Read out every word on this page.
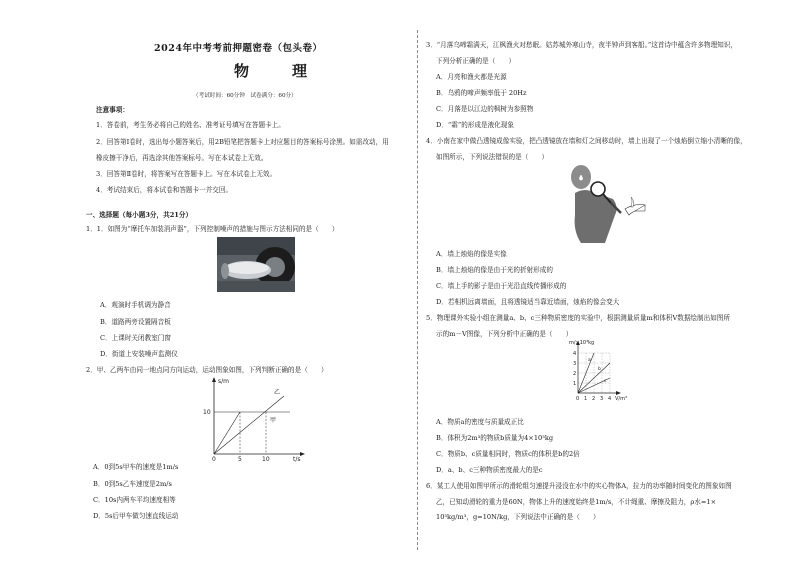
2024年中考考前押题密卷（包头卷）
物　理
（考试时间：60分钟　试卷满分：60分）
注意事项：
1．答卷前，考生务必将自己的姓名、准考证号填写在答题卡上。
2．回答第Ⅰ卷时，选出每小题答案后，用2B铅笔把答题卡上对应题目的答案标号涂黑。如需改动，用
橡皮擦干净后，再选涂其他答案标号。写在本试卷上无效。
3．回答第Ⅱ卷时，将答案写在答题卡上。写在本试卷上无效。
4．考试结束后，将本试卷和答题卡一并交回。
一、选择题（每小题3分，共21分）
1．1．如图为“摩托车加装消声器”，下列控制噪声的措施与图示方法相同的是（　　）
A．观演时手机调为静音
B．道路两旁设置隔音板
C．上课时关闭教室门窗
D．街道上安装噪声监测仪
2．甲、乙两车由同一地点同方向运动，运动图象如图，下列判断正确的是（　　）
s/m
10
0	5	10	t/s
乙
甲
A．0到5s甲车的速度是1m/s
B．0到5s乙车速度是2m/s
C．10s内两车平均速度相等
D．5s后甲车做匀速直线运动
3．“月落乌啼霜满天，江枫渔火对愁眠。姑苏城外寒山寺，夜半钟声到客船。”这首诗中蕴含许多物理知识，
下列分析正确的是（　　）
A．月亮和渔火都是光源
B．乌鸦的啼声频率低于 20Hz
C．月落是以江边的枫树为参照物
D．“霜”的形成是液化现象
4．小南在家中做凸透镜成像实验，把凸透镜放在墙和灯之间移动时，墙上出现了一个烛焰倒立缩小清晰的像，
如图所示，下列说法错误的是（　　）
A．墙上烛焰的像是实像
B．墙上烛焰的像是由于光的折射形成的
C．墙上手的影子是由于光沿直线传播形成的
D．若相机远离墙面，且将透镜适当靠近墙面，烛焰的像会变大
5．物理课外实验小组在测量a、b、c三种物质密度的实验中，根据测量质量m和体积V数据绘制出如图所
示的m－V图像，下列分析中正确的是（　　）
m/×10³kg
1
2
3
4
0 1 2 3 4 V/m³
a
b
c
A．物质a的密度与质量成正比
B．体积为2m³的物质b质量为4×10³kg
C．物质b、c质量相同时，物质c的体积是b的2倍
D．a、b、c三种物质密度最大的是c
6．某工人使用如图甲所示的滑轮组匀速提升浸没在水中的实心物体A，拉力的功率随时间变化的图象如图
乙，已知动滑轮的重力是60N，物体上升的速度始终是1m/s，不计绳重、摩擦及阻力，ρ水=1×
10³kg/m³，g=10N/kg，下列说法中正确的是（　　）
